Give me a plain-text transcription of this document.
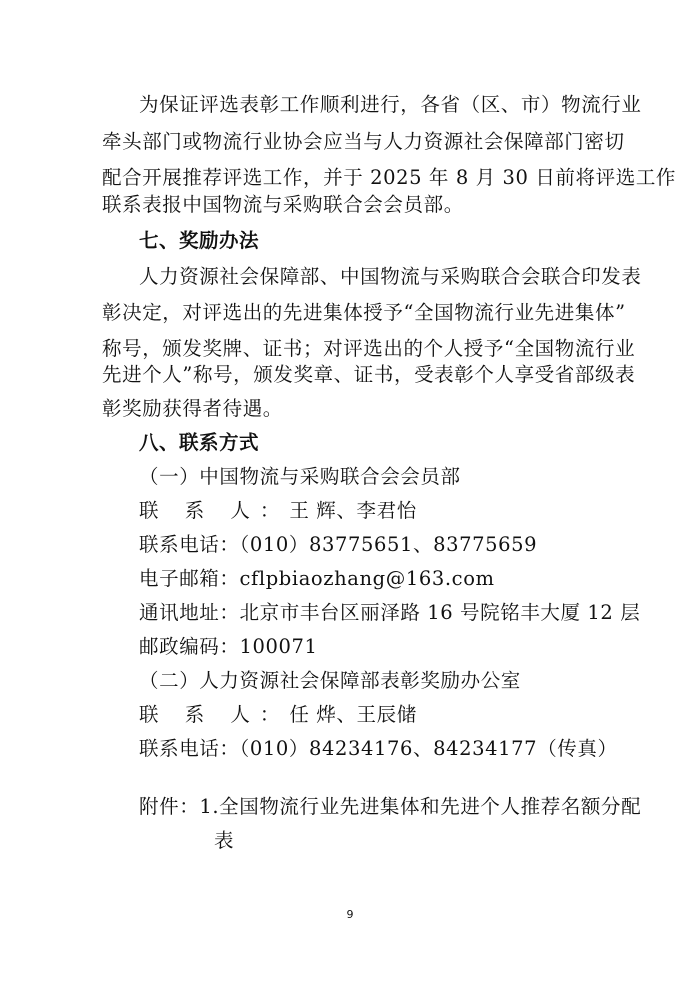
为保证评选表彰工作顺利进行，各省（区、市）物流行业
牵头部门或物流行业协会应当与人力资源社会保障部门密切
配合开展推荐评选工作，并于 2025 年 8 月 30 日前将评选工作
联系表报中国物流与采购联合会会员部。
七、奖励办法
人力资源社会保障部、中国物流与采购联合会联合印发表
彰决定，对评选出的先进集体授予“全国物流行业先进集体”
称号，颁发奖牌、证书；对评选出的个人授予“全国物流行业
先进个人”称号，颁发奖章、证书，受表彰个人享受省部级表
彰奖励获得者待遇。
八、联系方式
（一）中国物流与采购联合会会员部
联 系 人：王 辉、李君怡
联系电话：（010）83775651、83775659
电子邮箱：cflpbiaozhang@163.com
通讯地址：北京市丰台区丽泽路 16 号院铭丰大厦 12 层
邮政编码：100071
（二）人力资源社会保障部表彰奖励办公室
联 系 人：任 烨、王辰储
联系电话：（010）84234176、84234177（传真）
附件：1.全国物流行业先进集体和先进个人推荐名额分配
表
9
